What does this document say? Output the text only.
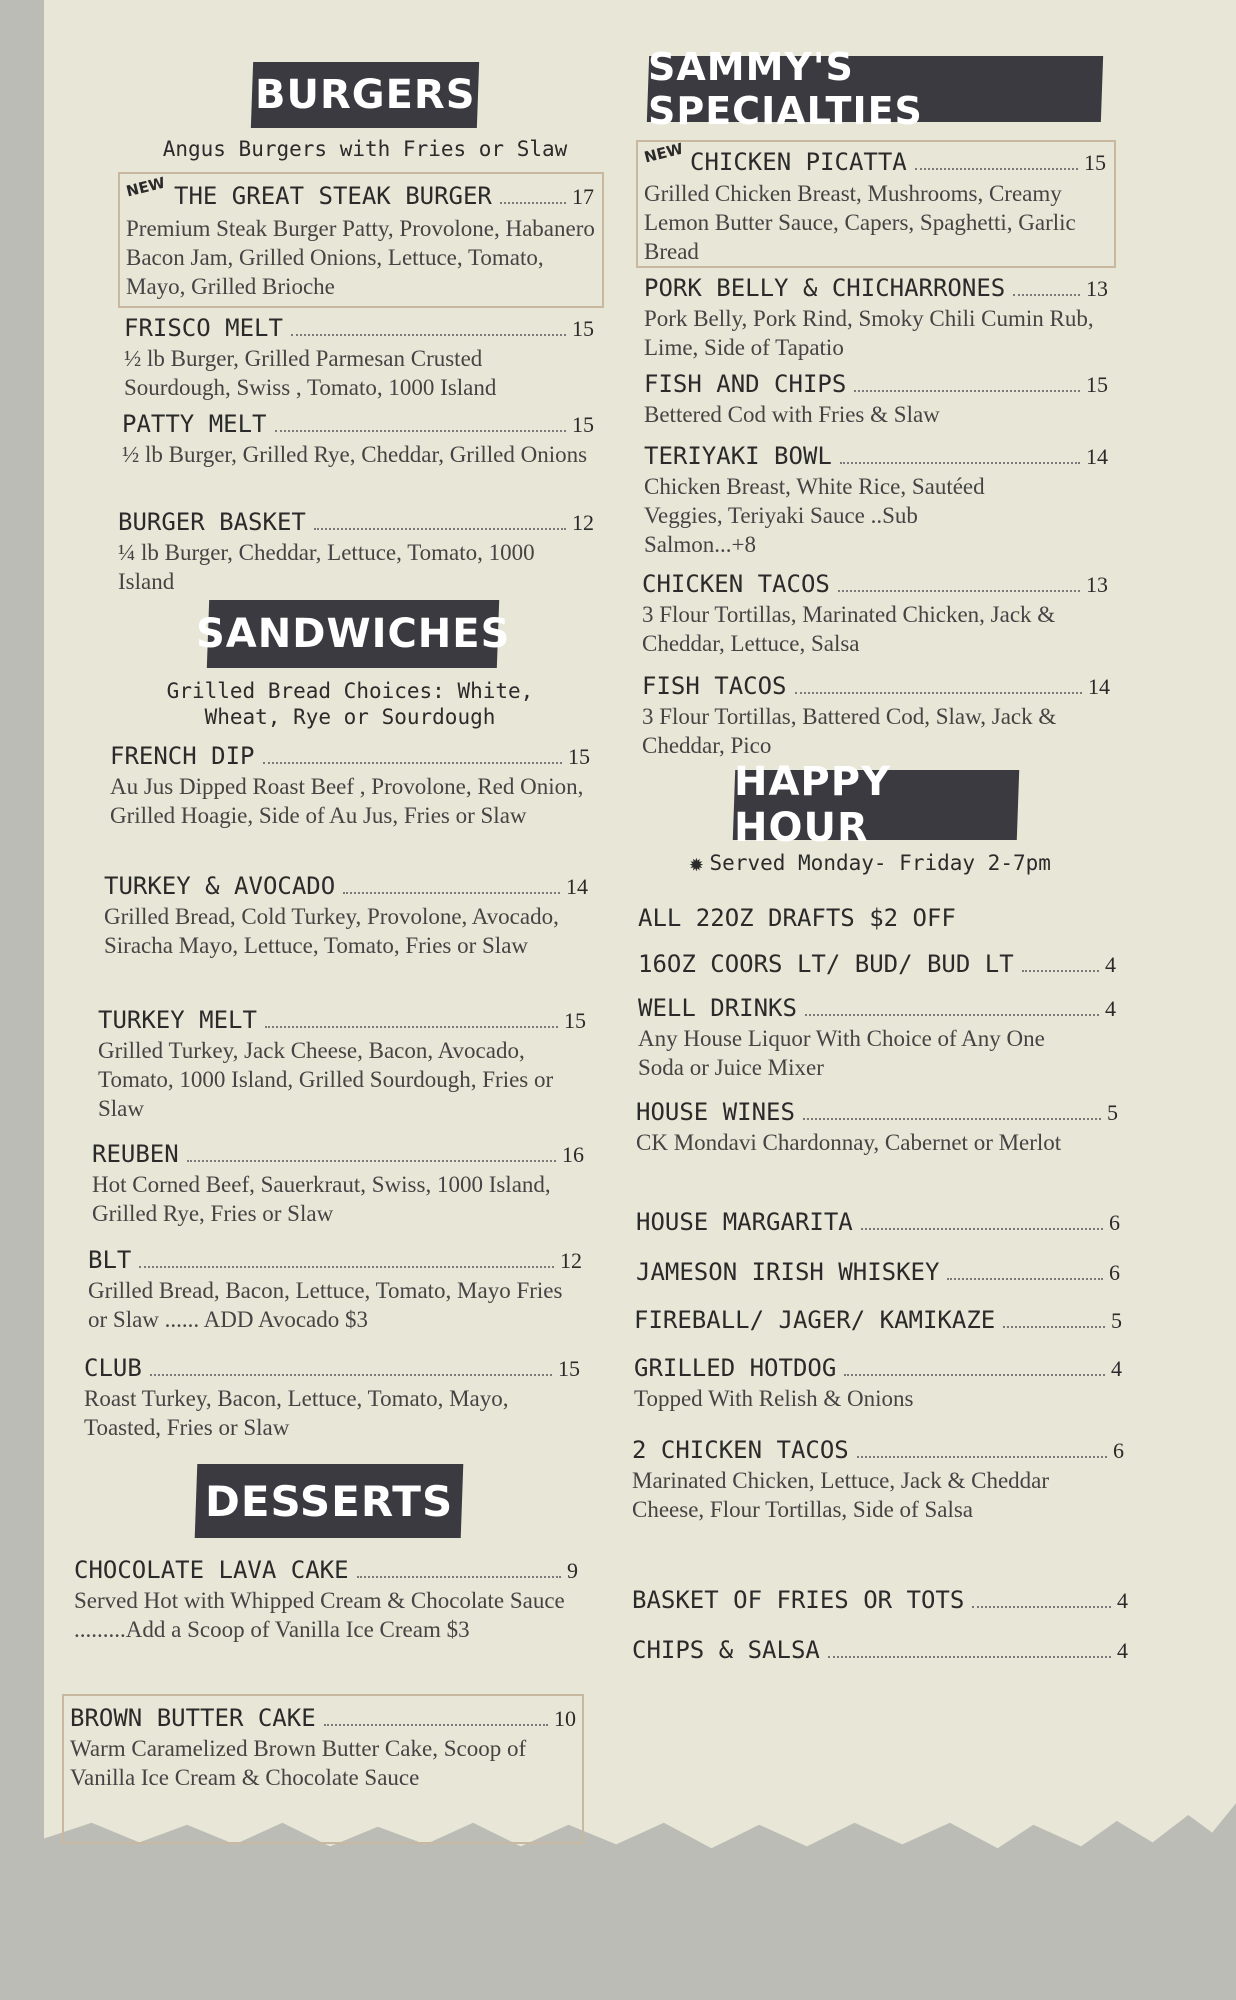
BURGERS
Angus Burgers with Fries or Slaw
NEW THE GREAT STEAK BURGER	17
Premium Steak Burger Patty, Provolone, Habanero Bacon Jam, Grilled Onions, Lettuce, Tomato, Mayo, Grilled Brioche
FRISCO MELT	15
½ lb Burger, Grilled Parmesan Crusted Sourdough, Swiss , Tomato, 1000 Island
PATTY MELT	15
½ lb Burger, Grilled Rye, Cheddar, Grilled Onions
BURGER BASKET	12
¼ lb Burger, Cheddar, Lettuce, Tomato, 1000 Island
SANDWICHES
Grilled Bread Choices: White, Wheat, Rye or Sourdough
FRENCH DIP	15
Au Jus Dipped Roast Beef , Provolone, Red Onion, Grilled Hoagie, Side of Au Jus, Fries or Slaw
TURKEY & AVOCADO	14
Grilled Bread, Cold Turkey, Provolone, Avocado, Siracha Mayo, Lettuce, Tomato, Fries or Slaw
TURKEY MELT	15
Grilled Turkey, Jack Cheese, Bacon, Avocado, Tomato, 1000 Island, Grilled Sourdough, Fries or Slaw
REUBEN	16
Hot Corned Beef, Sauerkraut, Swiss, 1000 Island, Grilled Rye, Fries or Slaw
BLT	12
Grilled Bread, Bacon, Lettuce, Tomato, Mayo Fries or Slaw ...... ADD Avocado $3
CLUB	15
Roast Turkey, Bacon, Lettuce, Tomato, Mayo, Toasted, Fries or Slaw
DESSERTS
CHOCOLATE LAVA CAKE	9
Served Hot with Whipped Cream & Chocolate Sauce .........Add a Scoop of Vanilla Ice Cream $3
BROWN BUTTER CAKE	10
Warm Caramelized Brown Butter Cake, Scoop of Vanilla Ice Cream & Chocolate Sauce
SAMMY'S SPECIALTIES
NEW CHICKEN PICATTA	15
Grilled Chicken Breast, Mushrooms, Creamy Lemon Butter Sauce, Capers, Spaghetti, Garlic Bread
PORK BELLY & CHICHARRONES	13
Pork Belly, Pork Rind, Smoky Chili Cumin Rub, Lime, Side of Tapatio
FISH AND CHIPS	15
Bettered Cod with Fries & Slaw
TERIYAKI BOWL	14
Chicken Breast, White Rice, Sautéed Veggies, Teriyaki Sauce ..Sub Salmon...+8
CHICKEN TACOS	13
3 Flour Tortillas, Marinated Chicken, Jack & Cheddar, Lettuce, Salsa
FISH TACOS	14
3 Flour Tortillas, Battered Cod, Slaw, Jack & Cheddar, Pico
HAPPY HOUR
✹ Served Monday- Friday 2-7pm
ALL 22OZ DRAFTS $2 OFF
16OZ COORS LT/ BUD/ BUD LT	4
WELL DRINKS	4
Any House Liquor With Choice of Any One Soda or Juice Mixer
HOUSE WINES	5
CK Mondavi Chardonnay, Cabernet or Merlot
HOUSE MARGARITA	6
JAMESON IRISH WHISKEY	6
FIREBALL/ JAGER/ KAMIKAZE	5
GRILLED HOTDOG	4
Topped With Relish & Onions
2 CHICKEN TACOS	6
Marinated Chicken, Lettuce, Jack & Cheddar Cheese, Flour Tortillas, Side of Salsa
BASKET OF FRIES OR TOTS	4
CHIPS & SALSA	4
